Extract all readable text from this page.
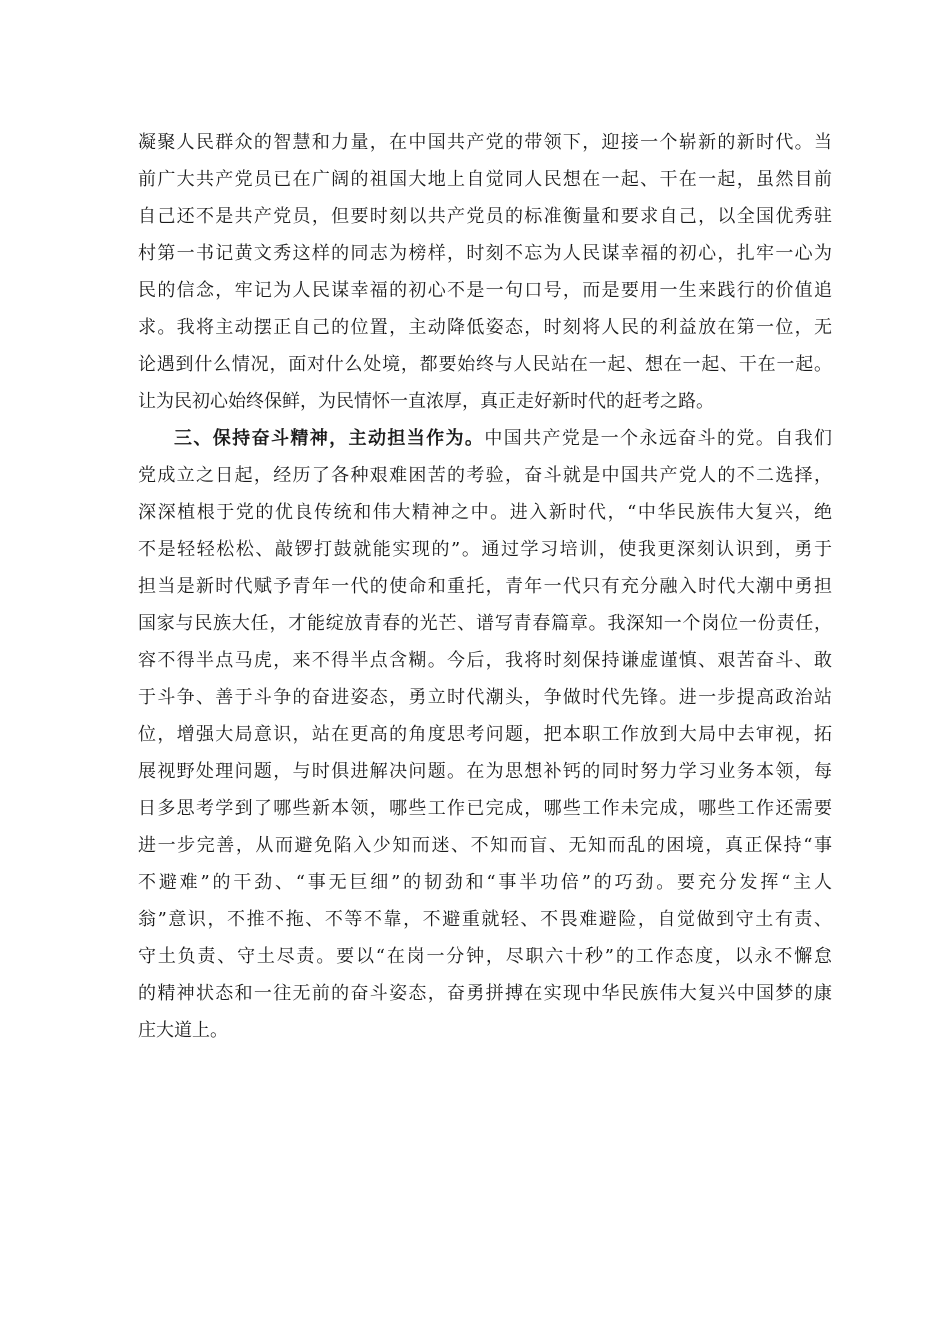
凝聚人民群众的智慧和力量，在中国共产党的带领下，迎接一个崭新的新时代。当
前广大共产党员已在广阔的祖国大地上自觉同人民想在一起、干在一起，虽然目前
自己还不是共产党员，但要时刻以共产党员的标准衡量和要求自己，以全国优秀驻
村第一书记黄文秀这样的同志为榜样，时刻不忘为人民谋幸福的初心，扎牢一心为
民的信念，牢记为人民谋幸福的初心不是一句口号，而是要用一生来践行的价值追
求。我将主动摆正自己的位置，主动降低姿态，时刻将人民的利益放在第一位，无
论遇到什么情况，面对什么处境，都要始终与人民站在一起、想在一起、干在一起。
让为民初心始终保鲜，为民情怀一直浓厚，真正走好新时代的赶考之路。
三、保持奋斗精神，主动担当作为。中国共产党是一个永远奋斗的党。自我们
党成立之日起，经历了各种艰难困苦的考验，奋斗就是中国共产党人的不二选择，
深深植根于党的优良传统和伟大精神之中。进入新时代，“中华民族伟大复兴，绝
不是轻轻松松、敲锣打鼓就能实现的”。通过学习培训，使我更深刻认识到，勇于
担当是新时代赋予青年一代的使命和重托，青年一代只有充分融入时代大潮中勇担
国家与民族大任，才能绽放青春的光芒、谱写青春篇章。我深知一个岗位一份责任，
容不得半点马虎，来不得半点含糊。今后，我将时刻保持谦虚谨慎、艰苦奋斗、敢
于斗争、善于斗争的奋进姿态，勇立时代潮头，争做时代先锋。进一步提高政治站
位，增强大局意识，站在更高的角度思考问题，把本职工作放到大局中去审视，拓
展视野处理问题，与时俱进解决问题。在为思想补钙的同时努力学习业务本领，每
日多思考学到了哪些新本领，哪些工作已完成，哪些工作未完成，哪些工作还需要
进一步完善，从而避免陷入少知而迷、不知而盲、无知而乱的困境，真正保持“事
不避难”的干劲、“事无巨细”的韧劲和“事半功倍”的巧劲。要充分发挥“主人
翁”意识，不推不拖、不等不靠，不避重就轻、不畏难避险，自觉做到守土有责、
守土负责、守土尽责。要以“在岗一分钟，尽职六十秒”的工作态度，以永不懈怠
的精神状态和一往无前的奋斗姿态，奋勇拼搏在实现中华民族伟大复兴中国梦的康
庄大道上。
